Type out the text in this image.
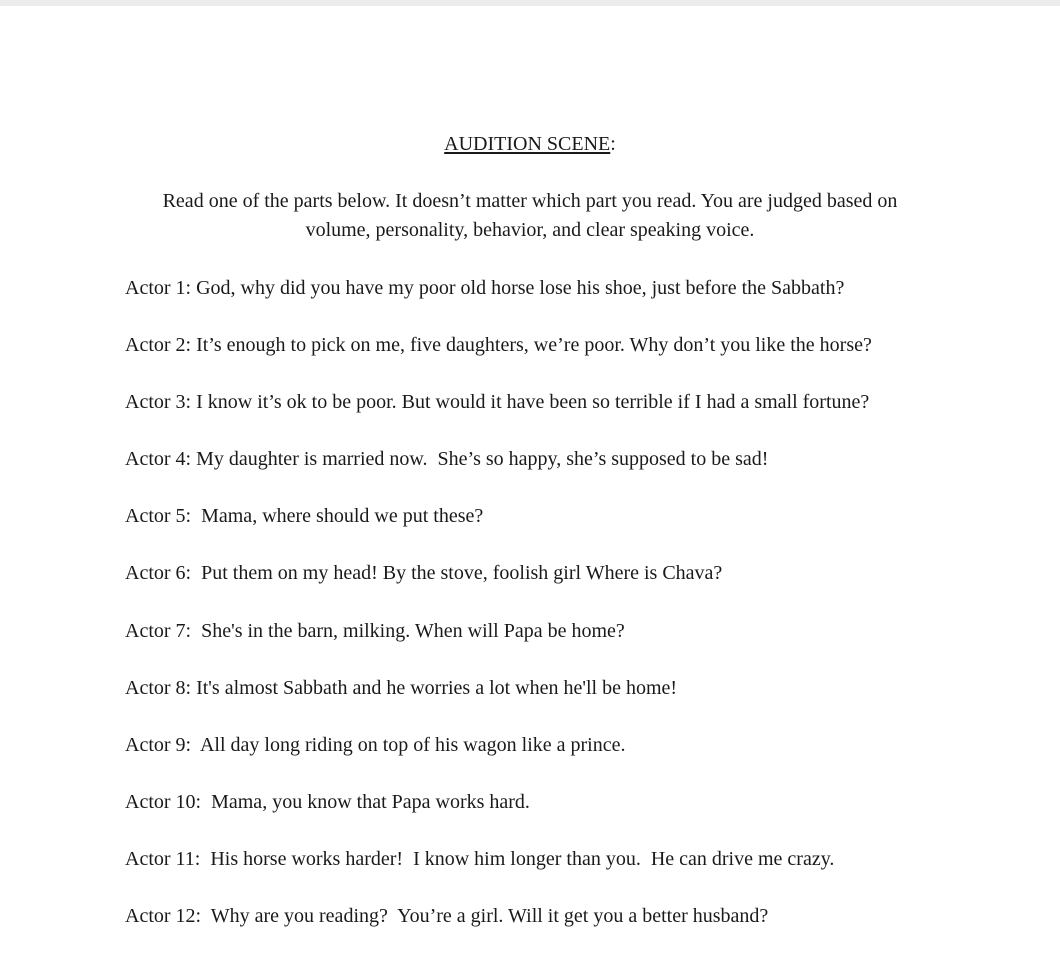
AUDITION SCENE:
Read one of the parts below. It doesn’t matter which part you read. You are judged based on
volume, personality, behavior, and clear speaking voice.
Actor 1: God, why did you have my poor old horse lose his shoe, just before the Sabbath?
Actor 2: It’s enough to pick on me, five daughters, we’re poor. Why don’t you like the horse?
Actor 3: I know it’s ok to be poor. But would it have been so terrible if I had a small fortune?
Actor 4: My daughter is married now.  She’s so happy, she’s supposed to be sad!
Actor 5:  Mama, where should we put these?
Actor 6:  Put them on my head! By the stove, foolish girl Where is Chava?
Actor 7:  She's in the barn, milking. When will Papa be home?
Actor 8: It's almost Sabbath and he worries a lot when he'll be home!
Actor 9:  All day long riding on top of his wagon like a prince.
Actor 10:  Mama, you know that Papa works hard.
Actor 11:  His horse works harder!  I know him longer than you.  He can drive me crazy.
Actor 12:  Why are you reading?  You’re a girl. Will it get you a better husband?
